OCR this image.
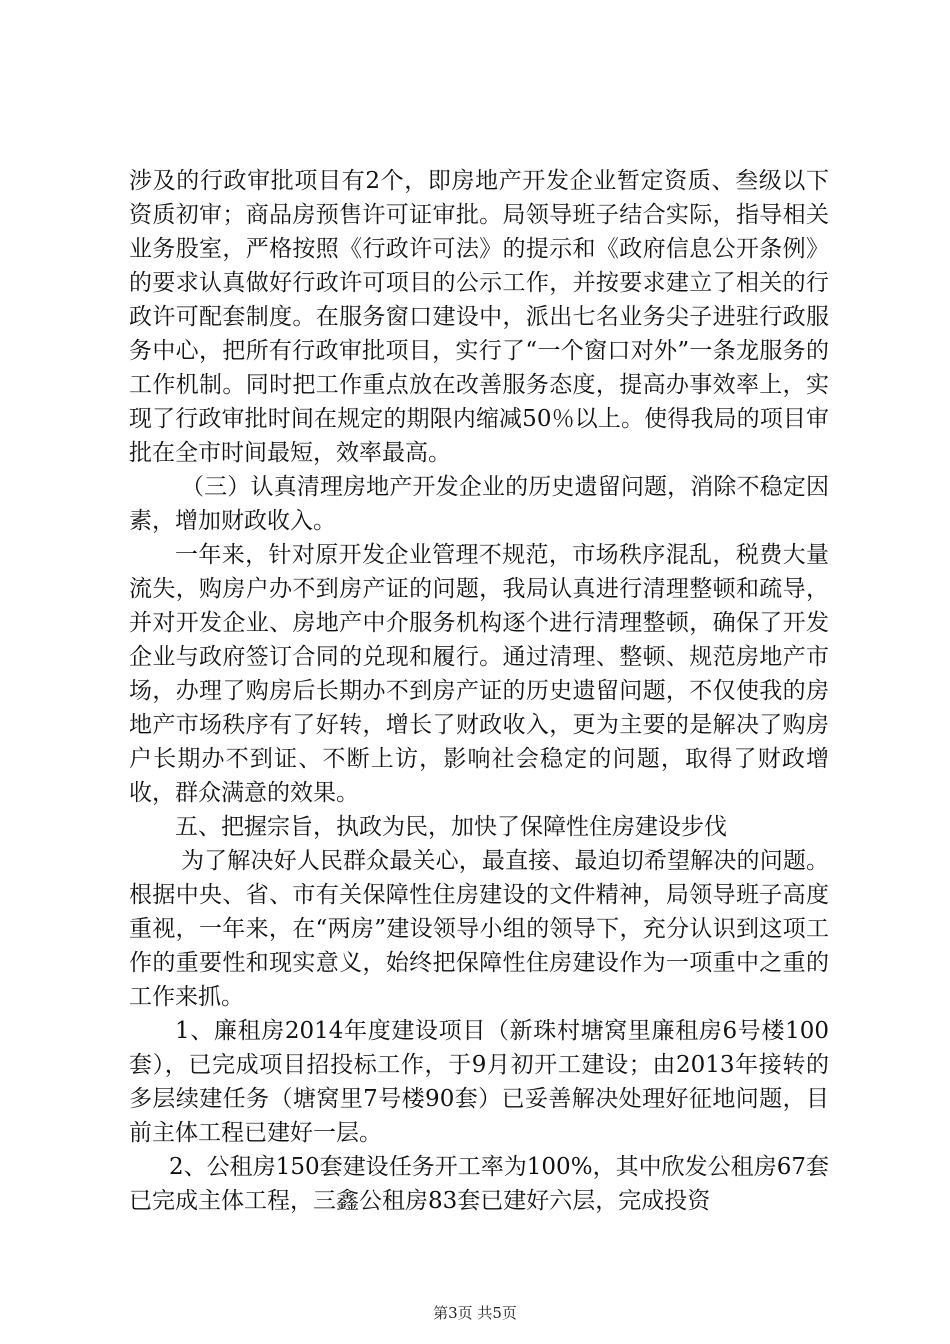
涉及的行政审批项目有2个，即房地产开发企业暂定资质、叁级以下资质初审；商品房预售许可证审批。局领导班子结合实际，指导相关业务股室，严格按照《行政许可法》的提示和《政府信息公开条例》的要求认真做好行政许可项目的公示工作，并按要求建立了相关的行政许可配套制度。在服务窗口建设中，派出七名业务尖子进驻行政服务中心，把所有行政审批项目，实行了“一个窗口对外”一条龙服务的工作机制。同时把工作重点放在改善服务态度，提高办事效率上，实现了行政审批时间在规定的期限内缩减50％以上。使得我局的项目审批在全市时间最短，效率最高。

（三）认真清理房地产开发企业的历史遗留问题，消除不稳定因素，增加财政收入。

一年来，针对原开发企业管理不规范，市场秩序混乱，税费大量流失，购房户办不到房产证的问题，我局认真进行清理整顿和疏导，并对开发企业、房地产中介服务机构逐个进行清理整顿，确保了开发企业与政府签订合同的兑现和履行。通过清理、整顿、规范房地产市场，办理了购房后长期办不到房产证的历史遗留问题，不仅使我的房地产市场秩序有了好转，增长了财政收入，更为主要的是解决了购房户长期办不到证、不断上访，影响社会稳定的问题，取得了财政增收，群众满意的效果。

五、把握宗旨，执政为民，加快了保障性住房建设步伐

为了解决好人民群众最关心，最直接、最迫切希望解决的问题。根据中央、省、市有关保障性住房建设的文件精神，局领导班子高度重视，一年来，在“两房”建设领导小组的领导下，充分认识到这项工作的重要性和现实意义，始终把保障性住房建设作为一项重中之重的工作来抓。

1、廉租房2014年度建设项目（新珠村塘窝里廉租房6号楼100套），已完成项目招投标工作，于9月初开工建设；由2013年接转的多层续建任务（塘窝里7号楼90套）已妥善解决处理好征地问题，目前主体工程已建好一层。

2、公租房150套建设任务开工率为100%，其中欣发公租房67套已完成主体工程，三鑫公租房83套已建好六层，完成投资

第3页 共5页
